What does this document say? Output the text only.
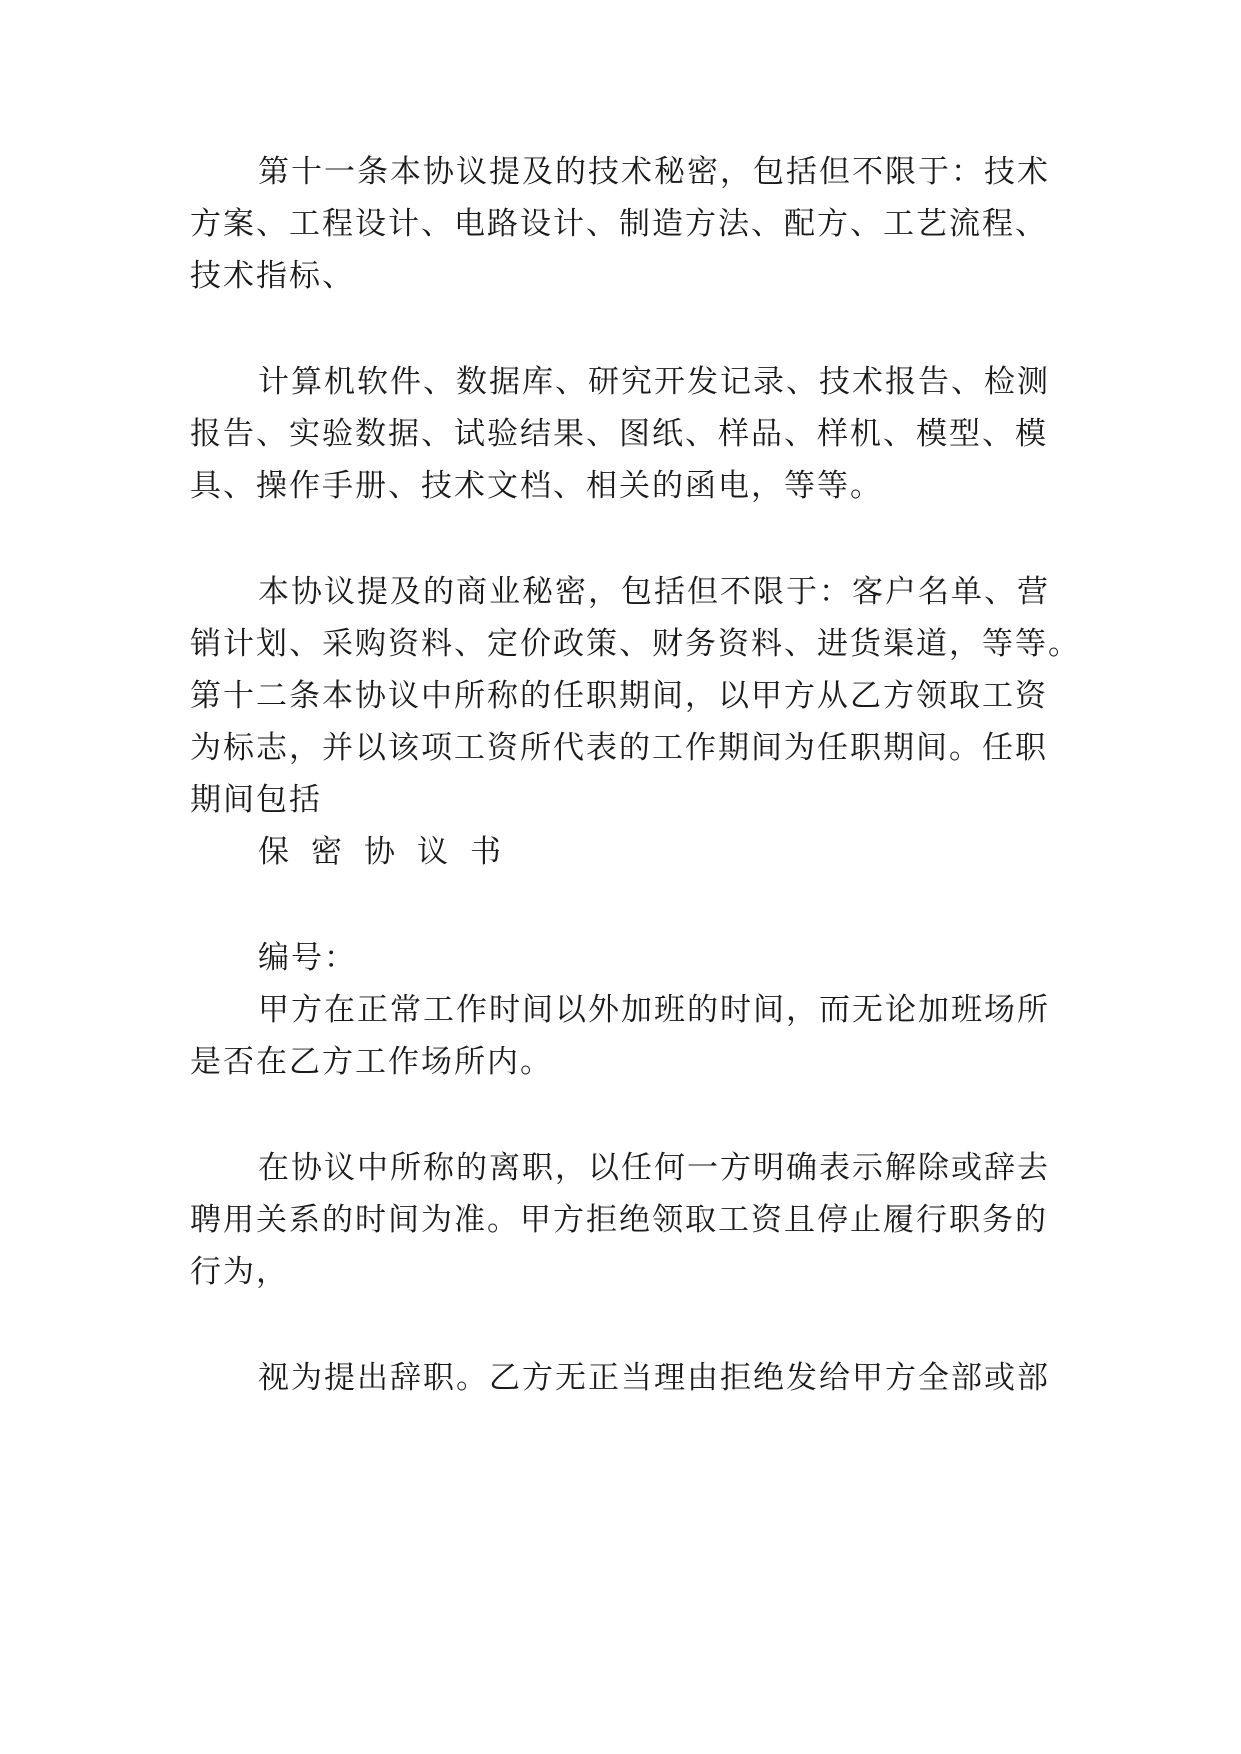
第十一条本协议提及的技术秘密，包括但不限于：技术
方案、工程设计、电路设计、制造方法、配方、工艺流程、
技术指标、
计算机软件、数据库、研究开发记录、技术报告、检测
报告、实验数据、试验结果、图纸、样品、样机、模型、模
具、操作手册、技术文档、相关的函电，等等。
本协议提及的商业秘密，包括但不限于：客户名单、营
销计划、采购资料、定价政策、财务资料、进货渠道，等等。
第十二条本协议中所称的任职期间，以甲方从乙方领取工资
为标志，并以该项工资所代表的工作期间为任职期间。任职
期间包括
保密协议书
编号：
甲方在正常工作时间以外加班的时间，而无论加班场所
是否在乙方工作场所内。
在协议中所称的离职，以任何一方明确表示解除或辞去
聘用关系的时间为准。甲方拒绝领取工资且停止履行职务的
行为，
视为提出辞职。乙方无正当理由拒绝发给甲方全部或部
